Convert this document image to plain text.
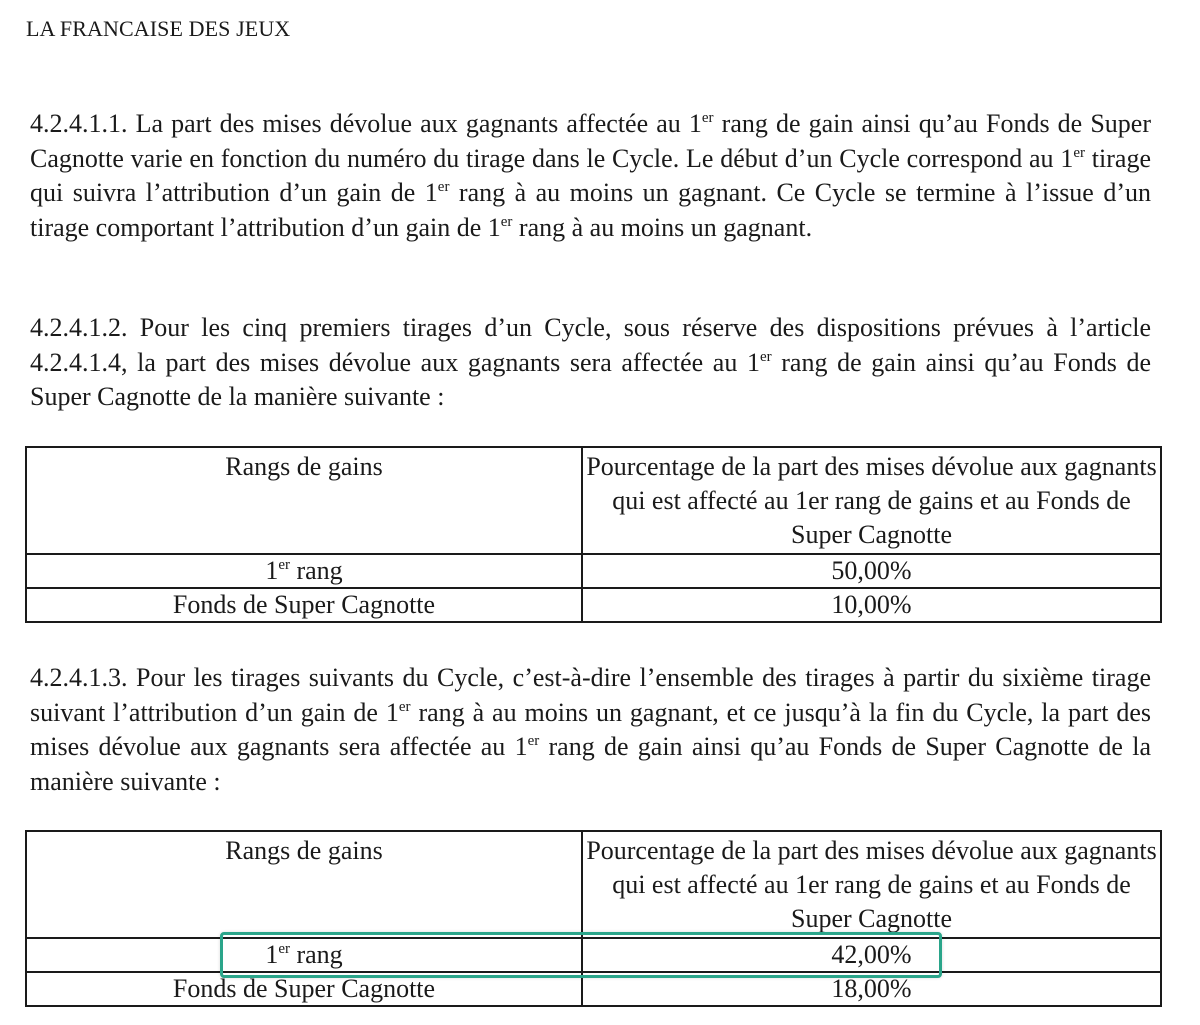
LA FRANCAISE DES JEUX
4.2.4.1.1. La part des mises dévolue aux gagnants affectée au 1er rang de gain ainsi qu’au Fonds de Super Cagnotte varie en fonction du numéro du tirage dans le Cycle. Le début d’un Cycle correspond au 1er tirage qui suivra l’attribution d’un gain de 1er rang à au moins un gagnant. Ce Cycle se termine à l’issue d’un tirage comportant l’attribution d’un gain de 1er rang à au moins un gagnant.
4.2.4.1.2. Pour les cinq premiers tirages d’un Cycle, sous réserve des dispositions prévues à l’article 4.2.4.1.4, la part des mises dévolue aux gagnants sera affectée au 1er rang de gain ainsi qu’au Fonds de Super Cagnotte de la manière suivante :
Rangs de gains	Pourcentage de la part des mises dévolue aux gagnants qui est affecté au 1er rang de gains et au Fonds de Super Cagnotte
1er rang	50,00%
Fonds de Super Cagnotte	10,00%
4.2.4.1.3. Pour les tirages suivants du Cycle, c’est-à-dire l’ensemble des tirages à partir du sixième tirage suivant l’attribution d’un gain de 1er rang à au moins un gagnant, et ce jusqu’à la fin du Cycle, la part des mises dévolue aux gagnants sera affectée au 1er rang de gain ainsi qu’au Fonds de Super Cagnotte de la manière suivante :
Rangs de gains	Pourcentage de la part des mises dévolue aux gagnants qui est affecté au 1er rang de gains et au Fonds de Super Cagnotte
1er rang	42,00%
Fonds de Super Cagnotte	18,00%
